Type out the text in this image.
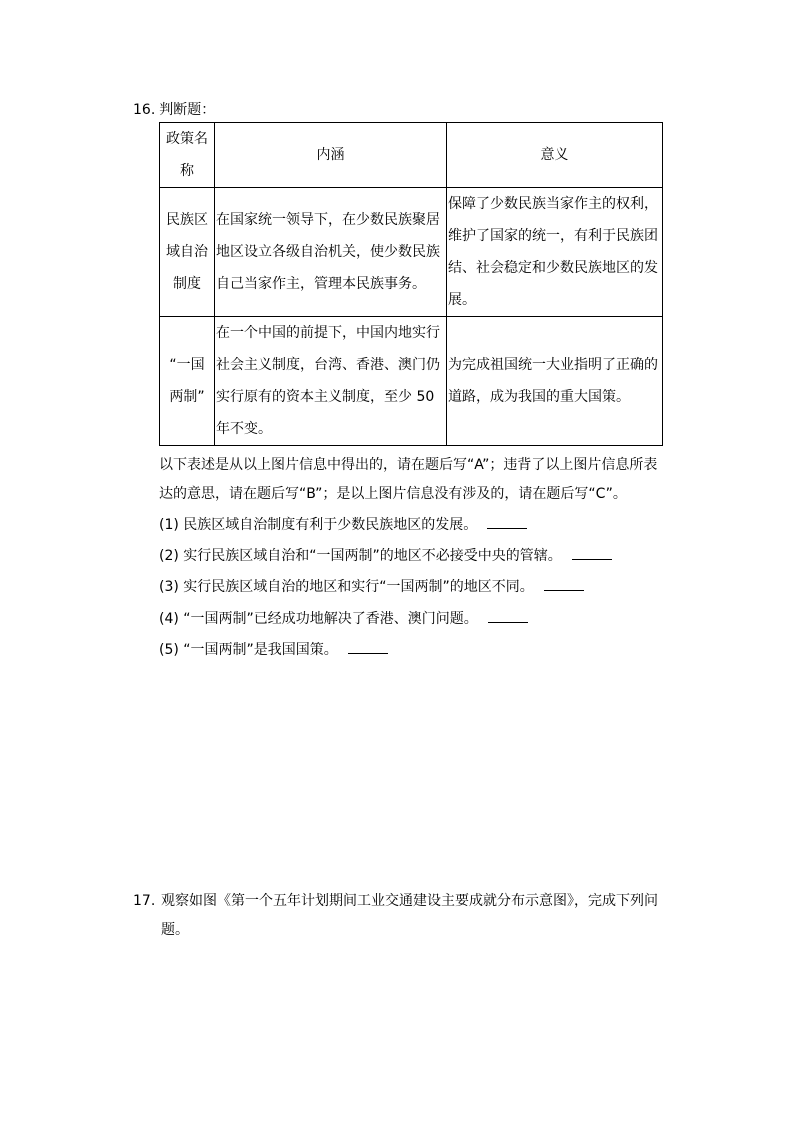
16. 判断题：
政策名
称	内涵	意义

民族区
域自治
制度	在国家统一领导下，在少数民族聚居地区设立各级自治机关，使少数民族自己当家作主，管理本民族事务。	保障了少数民族当家作主的权利，维护了国家的统一，有利于民族团结、社会稳定和少数民族地区的发展。

“一国
两制”	在一个中国的前提下，中国内地实行社会主义制度，台湾、香港、澳门仍实行原有的资本主义制度，至少 50 年不变。	为完成祖国统一大业指明了正确的道路，成为我国的重大国策。
以下表述是从以上图片信息中得出的，请在题后写“A”；违背了以上图片信息所表达的意思，请在题后写“B”；是以上图片信息没有涉及的，请在题后写“C”。
(1) 民族区域自治制度有利于少数民族地区的发展。
(2) 实行民族区域自治和“一国两制”的地区不必接受中央的管辖。
(3) 实行民族区域自治的地区和实行“一国两制”的地区不同。
(4) “一国两制”已经成功地解决了香港、澳门问题。
(5) “一国两制”是我国国策。
17. 观察如图《第一个五年计划期间工业交通建设主要成就分布示意图》，完成下列问题。
